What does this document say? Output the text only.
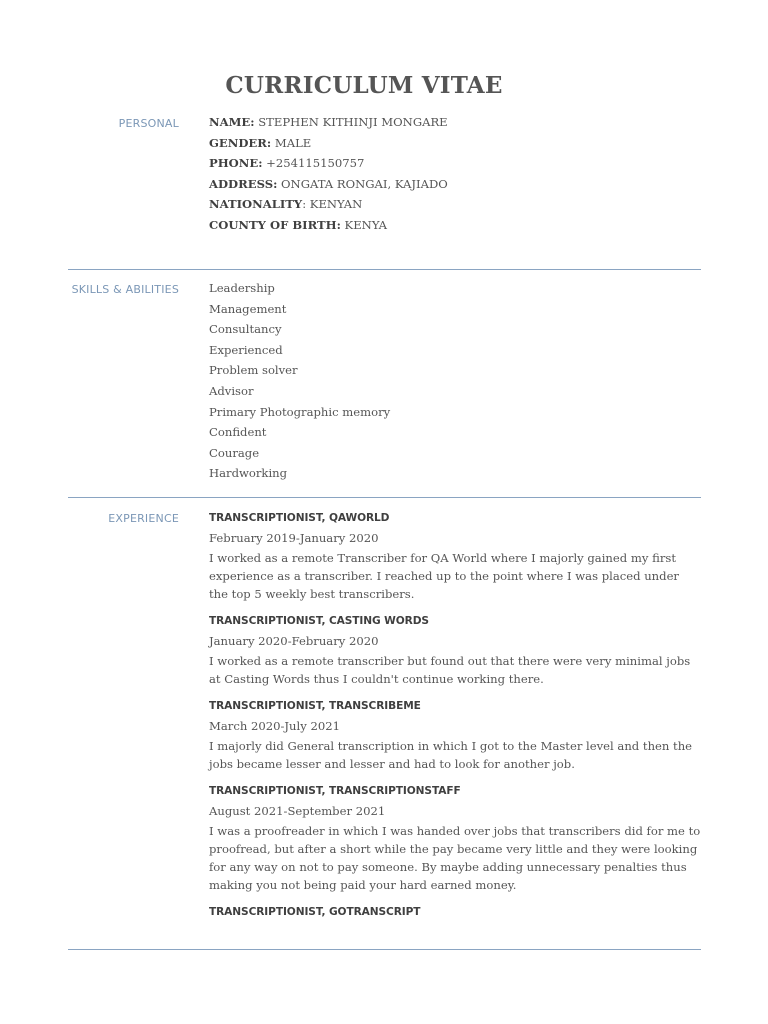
CURRICULUM VITAE
PERSONAL	NAME: STEPHEN KITHINJI MONGARE
GENDER: MALE
PHONE: +254115150757
ADDRESS: ONGATA RONGAI, KAJIADO
NATIONALITY: KENYAN
COUNTY OF BIRTH: KENYA
SKILLS & ABILITIES	Leadership
Management
Consultancy
Experienced
Problem solver
Advisor
Primary Photographic memory
Confident
Courage
Hardworking
EXPERIENCE	TRANSCRIPTIONIST, QAWORLD
February 2019-January 2020
I worked as a remote Transcriber for QA World where I majorly gained my first experience as a transcriber. I reached up to the point where I was placed under the top 5 weekly best transcribers.
TRANSCRIPTIONIST, CASTING WORDS
January 2020-February 2020
I worked as a remote transcriber but found out that there were very minimal jobs at Casting Words thus I couldn't continue working there.
TRANSCRIPTIONIST, TRANSCRIBEME
March 2020-July 2021
I majorly did General transcription in which I got to the Master level and then the jobs became lesser and lesser and had to look for another job.
TRANSCRIPTIONIST, TRANSCRIPTIONSTAFF
August 2021-September 2021
I was a proofreader in which I was handed over jobs that transcribers did for me to proofread, but after a short while the pay became very little and they were looking for any way on not to pay someone. By maybe adding unnecessary penalties thus making you not being paid your hard earned money.
TRANSCRIPTIONIST, GOTRANSCRIPT
